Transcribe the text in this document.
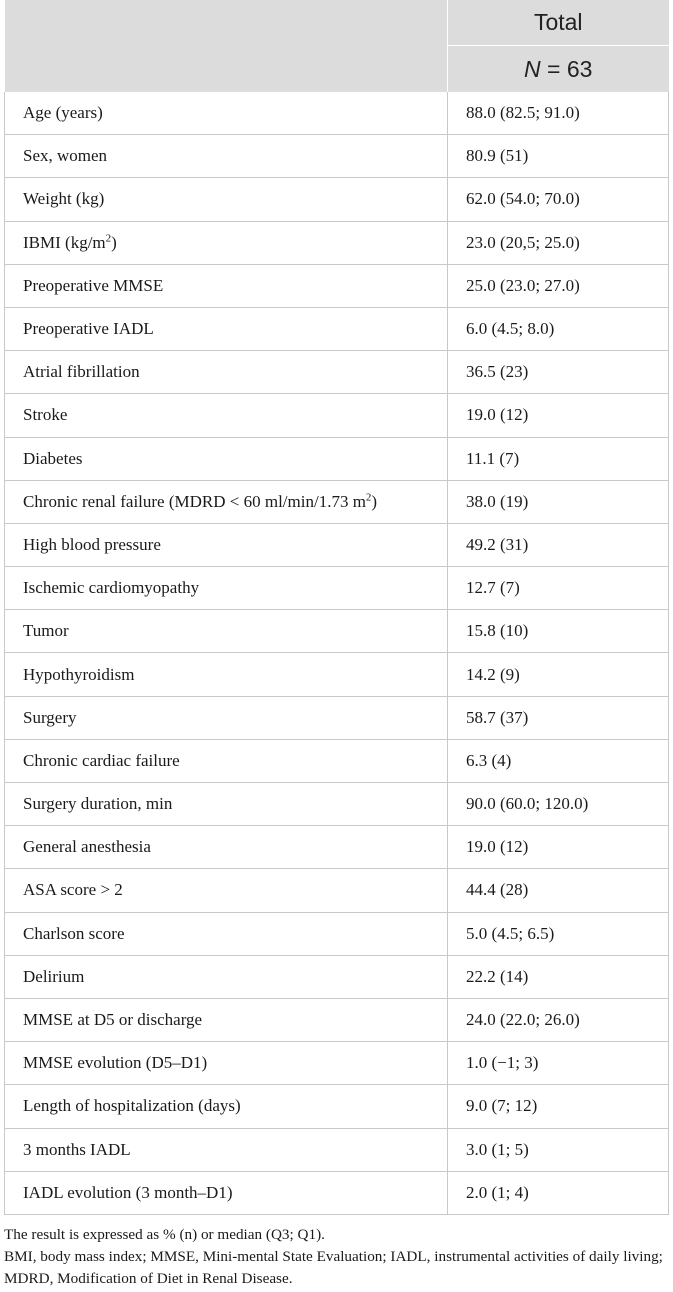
	Total
	N = 63
Age (years)	88.0 (82.5; 91.0)
Sex, women	80.9 (51)
Weight (kg)	62.0 (54.0; 70.0)
IBMI $(kg/m^2)$	23.0 (20,5; 25.0)
Preoperative MMSE	25.0 (23.0; 27.0)
Preoperative IADL	6.0 (4.5; 8.0)
Atrial fibrillation	36.5 (23)
Stroke	19.0 (12)
Diabetes	11.1 (7)
Chronic renal failure (MDRD < 60 ml/min/1.73 $m^2$)	38.0 (19)
High blood pressure	49.2 (31)
Ischemic cardiomyopathy	12.7 (7)
Tumor	15.8 (10)
Hypothyroidism	14.2 (9)
Surgery	58.7 (37)
Chronic cardiac failure	6.3 (4)
Surgery duration, min	90.0 (60.0; 120.0)
General anesthesia	19.0 (12)
ASA score > 2	44.4 (28)
Charlson score	5.0 (4.5; 6.5)
Delirium	22.2 (14)
MMSE at D5 or discharge	24.0 (22.0; 26.0)
MMSE evolution (D5–D1)	1.0 (−1; 3)
Length of hospitalization (days)	9.0 (7; 12)
3 months IADL	3.0 (1; 5)
IADL evolution (3 month–D1)	2.0 (1; 4)

The result is expressed as % (n) or median (Q3; Q1).

BMI, body mass index; MMSE, Mini-mental State Evaluation; IADL, instrumental activities of daily living; MDRD, Modification of Diet in Renal Disease.
